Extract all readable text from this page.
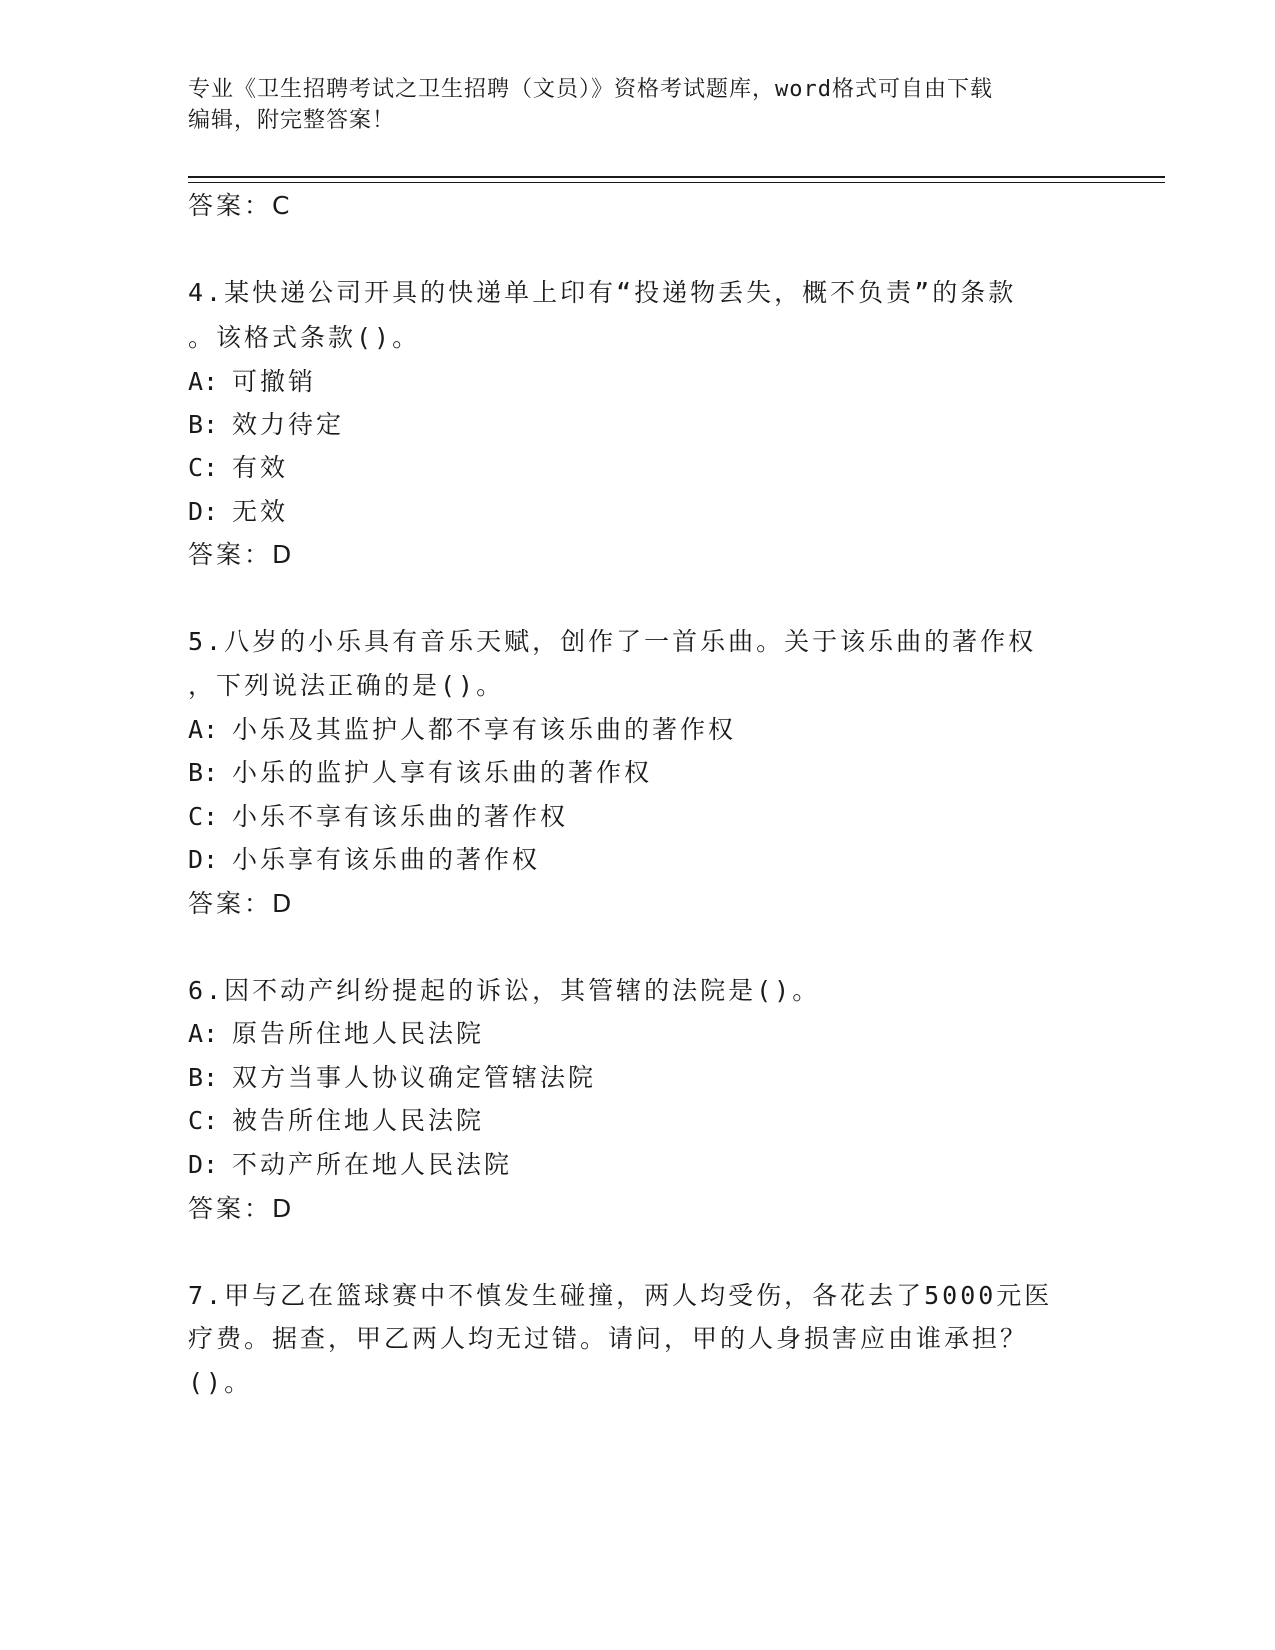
专业《卫生招聘考试之卫生招聘（文员）》资格考试题库，word格式可自由下载
编辑，附完整答案！
答案：C
4.某快递公司开具的快递单上印有“投递物丢失，概不负责”的条款
。该格式条款()。
A: 可撤销
B: 效力待定
C: 有效
D: 无效
答案：D
5.八岁的小乐具有音乐天赋，创作了一首乐曲。关于该乐曲的著作权
，下列说法正确的是()。
A: 小乐及其监护人都不享有该乐曲的著作权
B: 小乐的监护人享有该乐曲的著作权
C: 小乐不享有该乐曲的著作权
D: 小乐享有该乐曲的著作权
答案：D
6.因不动产纠纷提起的诉讼，其管辖的法院是()。
A: 原告所住地人民法院
B: 双方当事人协议确定管辖法院
C: 被告所住地人民法院
D: 不动产所在地人民法院
答案：D
7.甲与乙在篮球赛中不慎发生碰撞，两人均受伤，各花去了5000元医
疗费。据查，甲乙两人均无过错。请问，甲的人身损害应由谁承担？
()。
